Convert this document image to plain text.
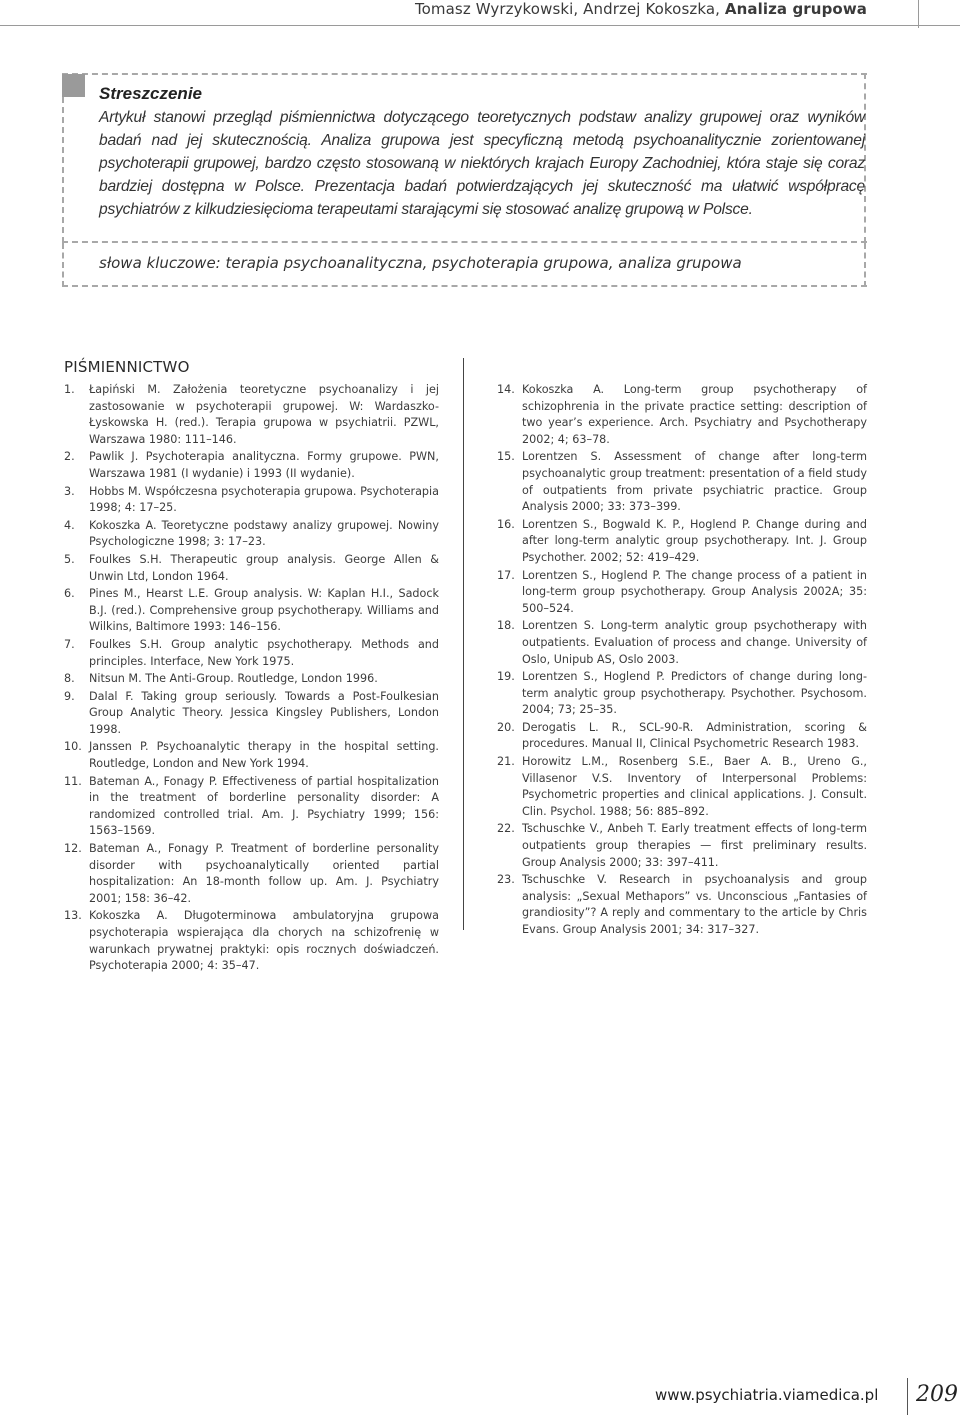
Tomasz Wyrzykowski, Andrzej Kokoszka, Analiza grupowa
Streszczenie
Artykuł stanowi przegląd piśmiennictwa dotyczącego teoretycznych podstaw analizy grupowej oraz wyników badań nad jej skutecznością. Analiza grupowa jest specyficzną metodą psychoanalitycznie zorientowanej psychoterapii grupowej, bardzo często stosowaną w niektórych krajach Europy Zachodniej, która staje się coraz bardziej dostępna w Polsce. Prezentacja badań potwierdzających jej skuteczność ma ułatwić współpracę psychiatrów z kilkudziesięcioma terapeutami starającymi się stosować analizę grupową w Polsce.
słowa kluczowe: terapia psychoanalityczna, psychoterapia grupowa, analiza grupowa
PIŚMIENNICTWO
1. Łapiński M. Założenia teoretyczne psychoanalizy i jej zastosowanie w psychoterapii grupowej. W: Wardaszko-Łyskowska H. (red.). Terapia grupowa w psychiatrii. PZWL, Warszawa 1980: 111–146.
2. Pawlik J. Psychoterapia analityczna. Formy grupowe. PWN, Warszawa 1981 (I wydanie) i 1993 (II wydanie).
3. Hobbs M. Współczesna psychoterapia grupowa. Psychoterapia 1998; 4: 17–25.
4. Kokoszka A. Teoretyczne podstawy analizy grupowej. Nowiny Psychologiczne 1998; 3: 17–23.
5. Foulkes S.H. Therapeutic group analysis. George Allen & Unwin Ltd, London 1964.
6. Pines M., Hearst L.E. Group analysis. W: Kaplan H.I., Sadock B.J. (red.). Comprehensive group psychotherapy. Williams and Wilkins, Baltimore 1993: 146–156.
7. Foulkes S.H. Group analytic psychotherapy. Methods and principles. Interface, New York 1975.
8. Nitsun M. The Anti-Group. Routledge, London 1996.
9. Dalal F. Taking group seriously. Towards a Post-Foulkesian Group Analytic Theory. Jessica Kingsley Publishers, London 1998.
10. Janssen P. Psychoanalytic therapy in the hospital setting. Routledge, London and New York 1994.
11. Bateman A., Fonagy P. Effectiveness of partial hospitalization in the treatment of borderline personality disorder: A randomized controlled trial. Am. J. Psychiatry 1999; 156: 1563–1569.
12. Bateman A., Fonagy P. Treatment of borderline personality disorder with psychoanalytically oriented partial hospitalization: An 18-month follow up. Am. J. Psychiatry 2001; 158: 36–42.
13. Kokoszka A. Długoterminowa ambulatoryjna grupowa psychoterapia wspierająca dla chorych na schizofrenię w warunkach prywatnej praktyki: opis rocznych doświadczeń. Psychoterapia 2000; 4: 35–47.
14. Kokoszka A. Long-term group psychotherapy of schizophrenia in the private practice setting: description of two year’s experience. Arch. Psychiatry and Psychotherapy 2002; 4; 63–78.
15. Lorentzen S. Assessment of change after long-term psychoanalytic group treatment: presentation of a field study of outpatients from private psychiatric practice. Group Analysis 2000; 33: 373–399.
16. Lorentzen S., Bogwald K. P., Hoglend P. Change during and after long-term analytic group psychotherapy. Int. J. Group Psychother. 2002; 52: 419–429.
17. Lorentzen S., Hoglend P. The change process of a patient in long-term group psychotherapy. Group Analysis 2002A; 35: 500–524.
18. Lorentzen S. Long-term analytic group psychotherapy with outpatients. Evaluation of process and change. University of Oslo, Unipub AS, Oslo 2003.
19. Lorentzen S., Hoglend P. Predictors of change during long-term analytic group psychotherapy. Psychother. Psychosom. 2004; 73; 25–35.
20. Derogatis L. R., SCL-90-R. Administration, scoring & procedures. Manual II, Clinical Psychometric Research 1983.
21. Horowitz L.M., Rosenberg S.E., Baer A. B., Ureno G., Villasenor V.S. Inventory of Interpersonal Problems: Psychometric properties and clinical applications. J. Consult. Clin. Psychol. 1988; 56: 885–892.
22. Tschuschke V., Anbeh T. Early treatment effects of long-term outpatients group therapies — first preliminary results. Group Analysis 2000; 33: 397–411.
23. Tschuschke V. Research in psychoanalysis and group analysis: „Sexual Methapors” vs. Unconscious „Fantasies of grandiosity”? A reply and commentary to the article by Chris Evans. Group Analysis 2001; 34: 317–327.
www.psychiatria.viamedica.pl 209
